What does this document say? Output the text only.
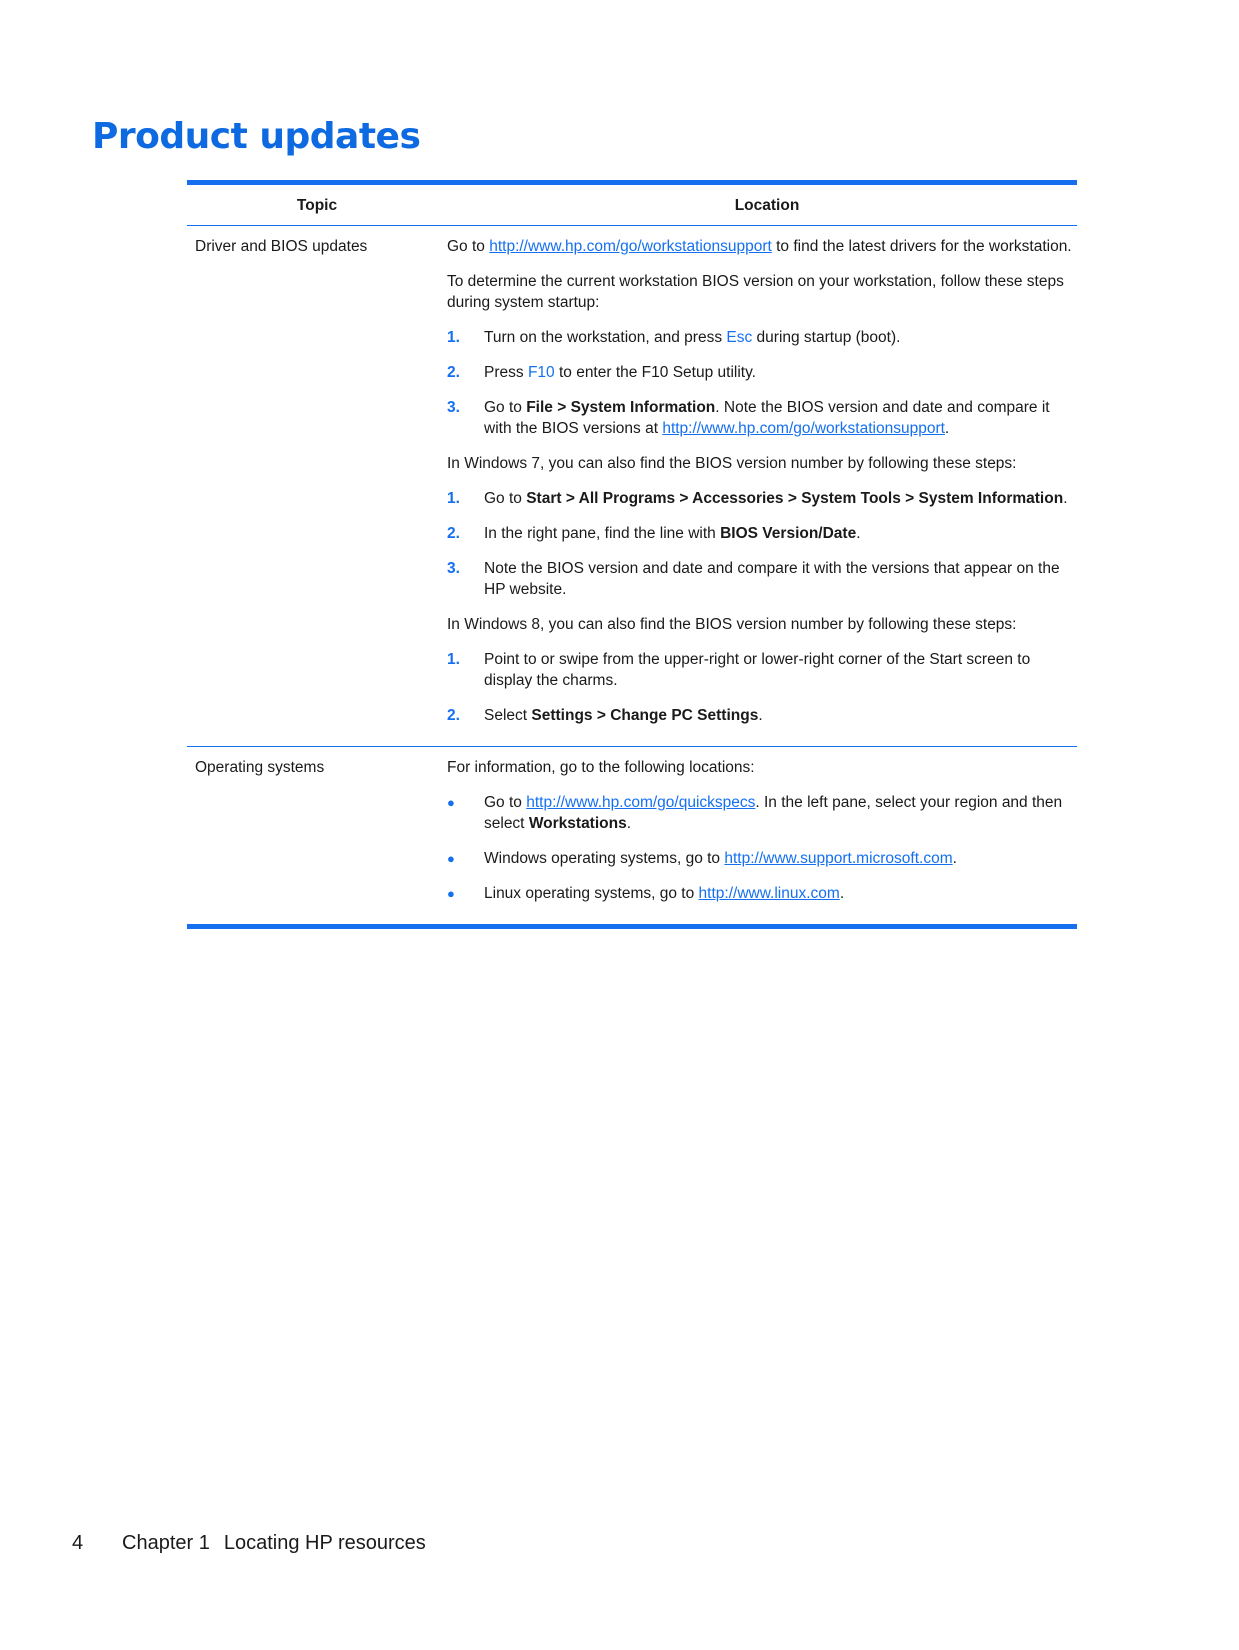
Product updates
Topic	Location
Driver and BIOS updates	Go to http://www.hp.com/go/workstationsupport to find the latest drivers for the workstation.

To determine the current workstation BIOS version on your workstation, follow these steps during system startup:

1.	Turn on the workstation, and press Esc during startup (boot).
2.	Press F10 to enter the F10 Setup utility.
3.	Go to File > System Information. Note the BIOS version and date and compare it with the BIOS versions at http://www.hp.com/go/workstationsupport.

In Windows 7, you can also find the BIOS version number by following these steps:

1.	Go to Start > All Programs > Accessories > System Tools > System Information.
2.	In the right pane, find the line with BIOS Version/Date.
3.	Note the BIOS version and date and compare it with the versions that appear on the HP website.

In Windows 8, you can also find the BIOS version number by following these steps:

1.	Point to or swipe from the upper-right or lower-right corner of the Start screen to display the charms.
2.	Select Settings > Change PC Settings.
Operating systems	For information, go to the following locations:

●	Go to http://www.hp.com/go/quickspecs. In the left pane, select your region and then select Workstations.
●	Windows operating systems, go to http://www.support.microsoft.com.
●	Linux operating systems, go to http://www.linux.com.
4 Chapter 1 Locating HP resources
